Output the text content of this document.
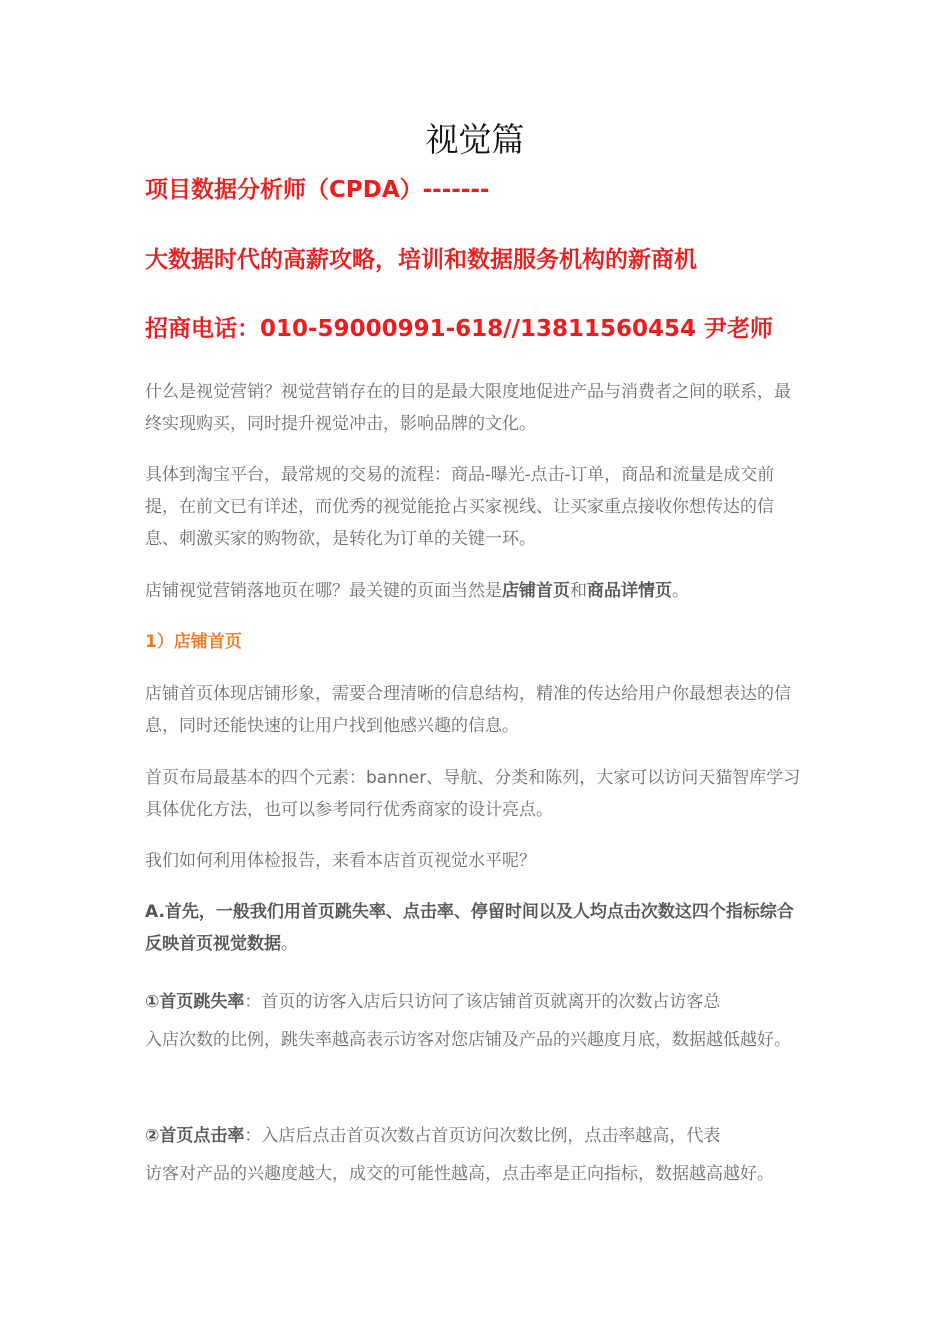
视觉篇
项目数据分析师（CPDA）-------
大数据时代的高薪攻略，培训和数据服务机构的新商机
招商电话：010-59000991-618//13811560454 尹老师
什么是视觉营销？视觉营销存在的目的是最大限度地促进产品与消费者之间的联系，最终实现购买，同时提升视觉冲击，影响品牌的文化。
具体到淘宝平台，最常规的交易的流程：商品-曝光-点击-订单，商品和流量是成交前提，在前文已有详述，而优秀的视觉能抢占买家视线、让买家重点接收你想传达的信息、刺激买家的购物欲，是转化为订单的关键一环。
店铺视觉营销落地页在哪？最关键的页面当然是店铺首页和商品详情页。
1）店铺首页
店铺首页体现店铺形象，需要合理清晰的信息结构，精准的传达给用户你最想表达的信息，同时还能快速的让用户找到他感兴趣的信息。
首页布局最基本的四个元素：banner、导航、分类和陈列，大家可以访问天猫智库学习具体优化方法，也可以参考同行优秀商家的设计亮点。
我们如何利用体检报告，来看本店首页视觉水平呢？
A.首先，一般我们用首页跳失率、点击率、停留时间以及人均点击次数这四个指标综合反映首页视觉数据。
①首页跳失率：首页的访客入店后只访问了该店铺首页就离开的次数占访客总
入店次数的比例，跳失率越高表示访客对您店铺及产品的兴趣度月底，数据越低越好。
②首页点击率：入店后点击首页次数占首页访问次数比例，点击率越高，代表
访客对产品的兴趣度越大，成交的可能性越高，点击率是正向指标，数据越高越好。
